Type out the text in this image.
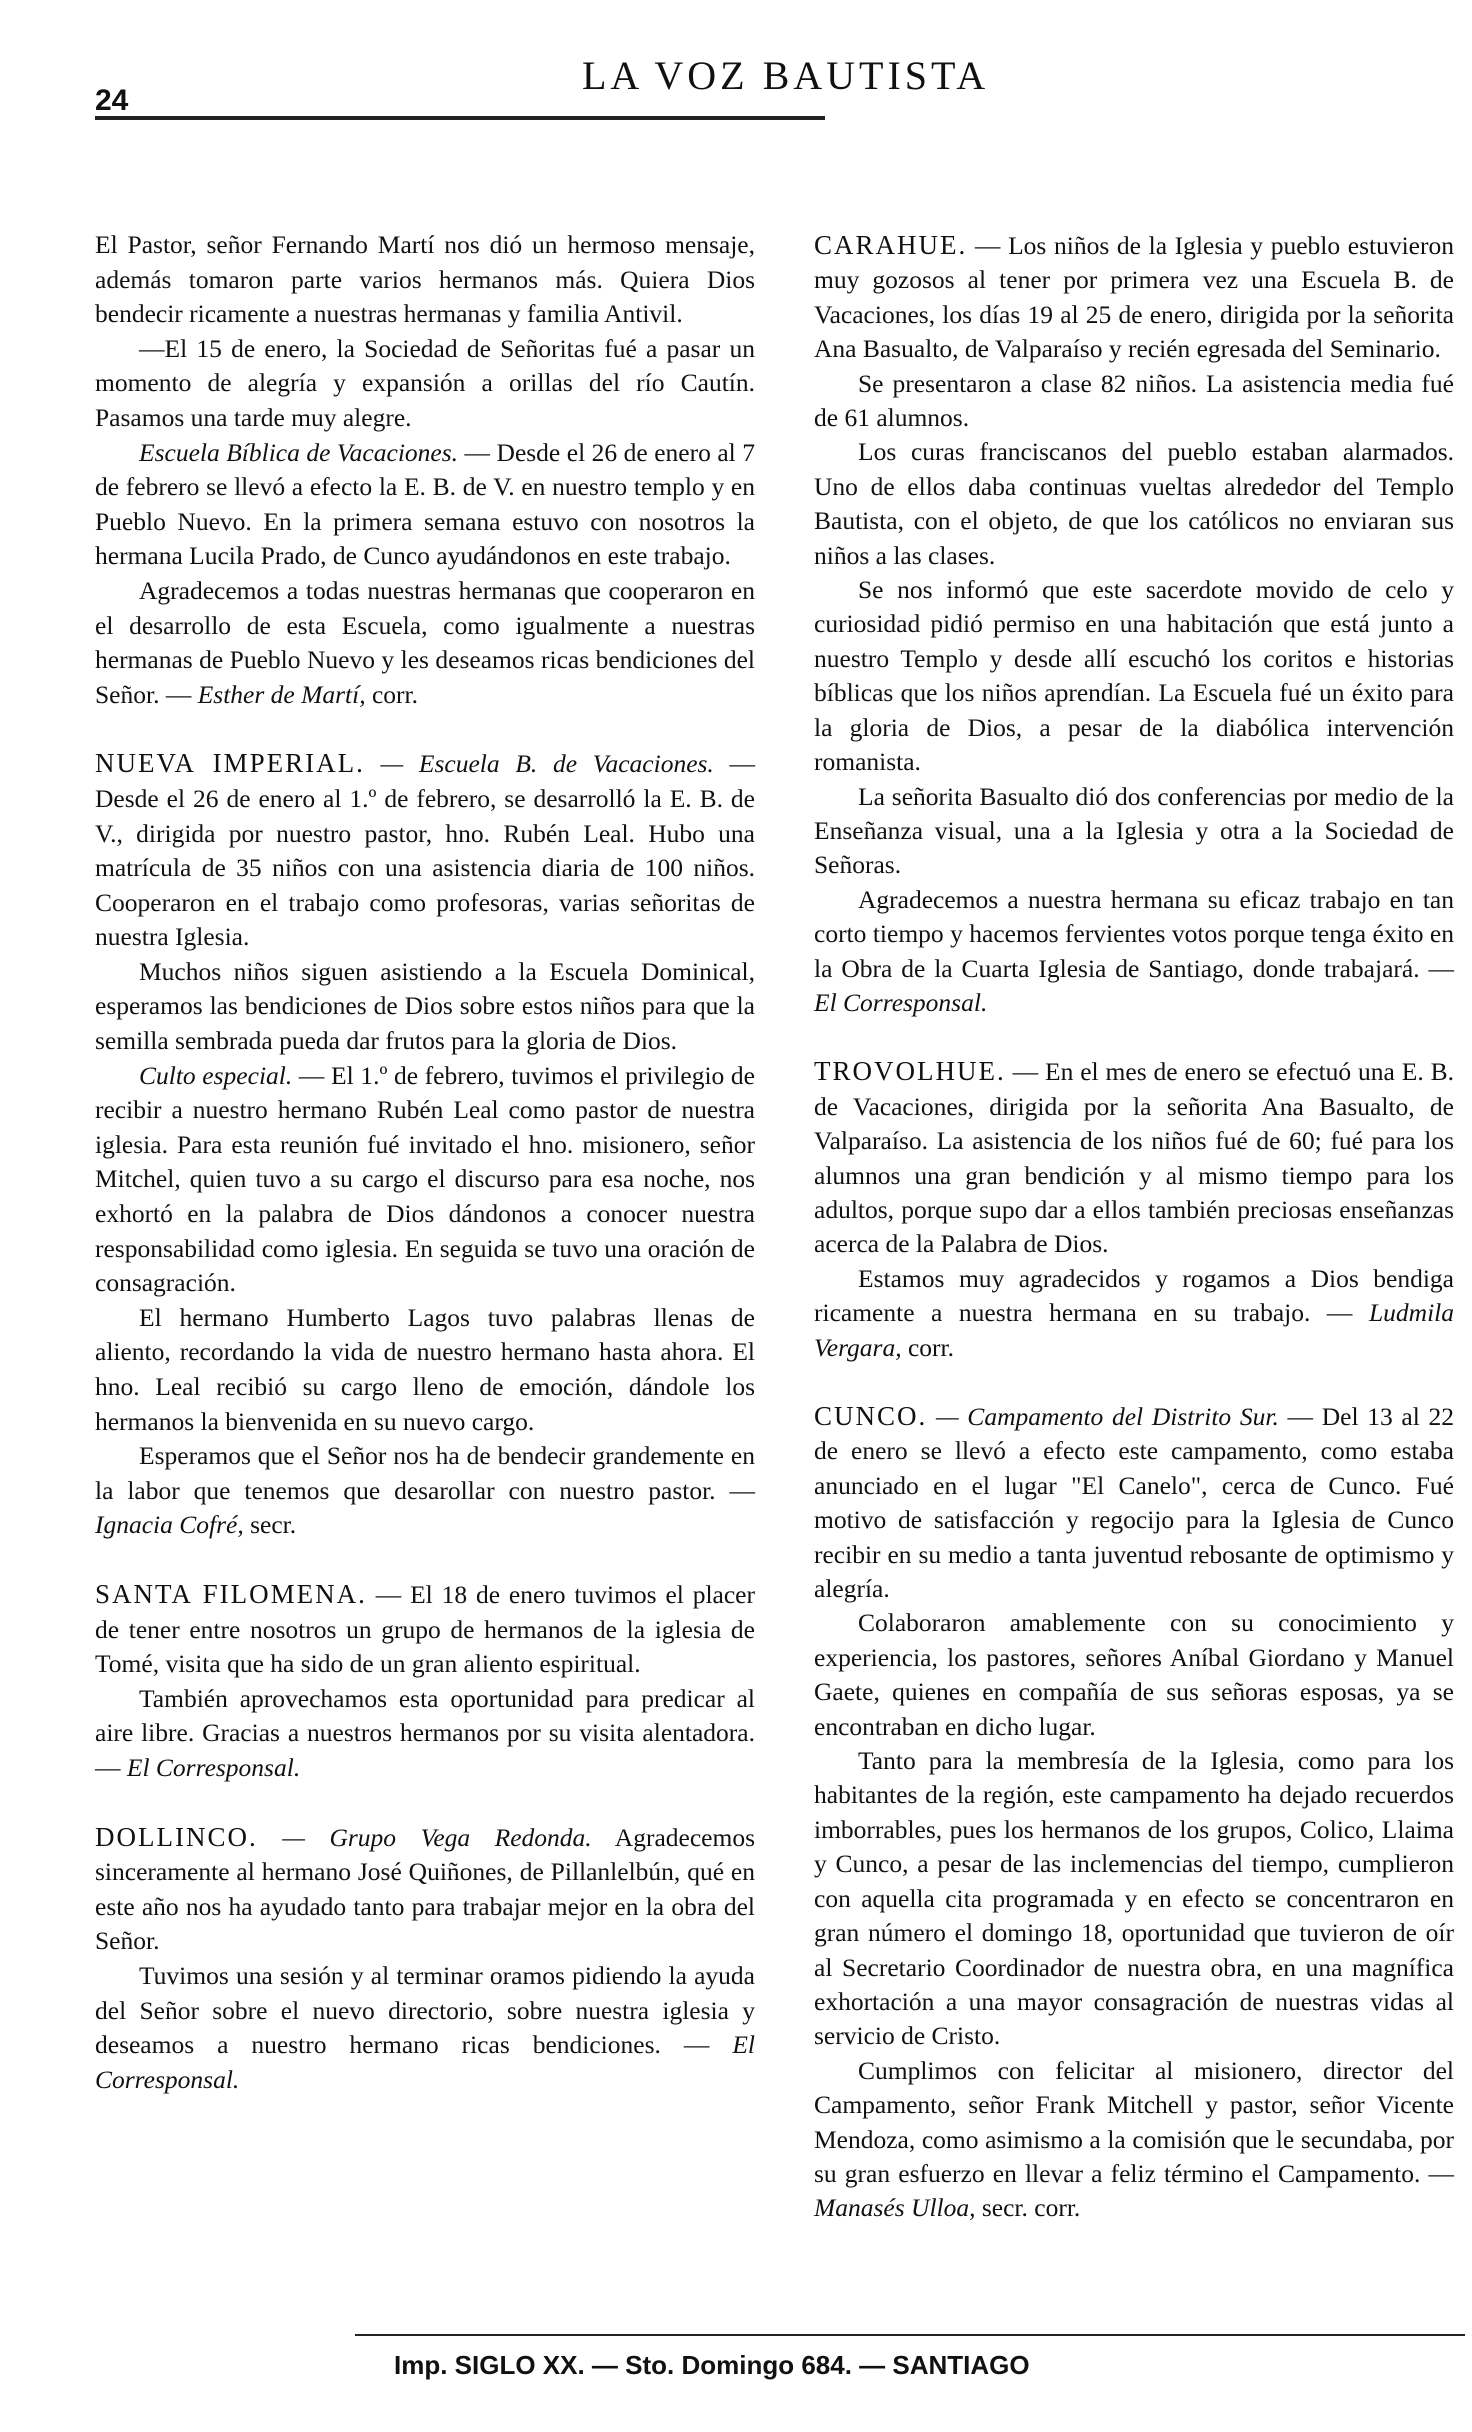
24
LA VOZ BAUTISTA

El Pastor, señor Fernando Martí nos dió un hermoso mensaje, además tomaron parte varios hermanos más. Quiera Dios bendecir ricamente a nuestras hermanas y familia Antivil.

—El 15 de enero, la Sociedad de Señoritas fué a pasar un momento de alegría y expansión a orillas del río Cautín. Pasamos una tarde muy alegre.

Escuela Bíblica de Vacaciones. — Desde el 26 de enero al 7 de febrero se llevó a efecto la E. B. de V. en nuestro templo y en Pueblo Nuevo. En la primera semana estuvo con nosotros la hermana Lucila Prado, de Cunco ayudándonos en este trabajo.

Agradecemos a todas nuestras hermanas que cooperaron en el desarrollo de esta Escuela, como igualmente a nuestras hermanas de Pueblo Nuevo y les deseamos ricas bendiciones del Señor. — Esther de Martí, corr.

NUEVA IMPERIAL. — Escuela B. de Vacaciones. — Desde el 26 de enero al 1.º de febrero, se desarrolló la E. B. de V., dirigida por nuestro pastor, hno. Rubén Leal. Hubo una matrícula de 35 niños con una asistencia diaria de 100 niños. Cooperaron en el trabajo como profesoras, varias señoritas de nuestra Iglesia.

Muchos niños siguen asistiendo a la Escuela Dominical, esperamos las bendiciones de Dios sobre estos niños para que la semilla sembrada pueda dar frutos para la gloria de Dios.

Culto especial. — El 1.º de febrero, tuvimos el privilegio de recibir a nuestro hermano Rubén Leal como pastor de nuestra iglesia. Para esta reunión fué invitado el hno. misionero, señor Mitchel, quien tuvo a su cargo el discurso para esa noche, nos exhortó en la palabra de Dios dándonos a conocer nuestra responsabilidad como iglesia. En seguida se tuvo una oración de consagración.

El hermano Humberto Lagos tuvo palabras llenas de aliento, recordando la vida de nuestro hermano hasta ahora. El hno. Leal recibió su cargo lleno de emoción, dándole los hermanos la bienvenida en su nuevo cargo.

Esperamos que el Señor nos ha de bendecir grandemente en la labor que tenemos que desarollar con nuestro pastor. — Ignacia Cofré, secr.

SANTA FILOMENA. — El 18 de enero tuvimos el placer de tener entre nosotros un grupo de hermanos de la iglesia de Tomé, visita que ha sido de un gran aliento espiritual.

También aprovechamos esta oportunidad para predicar al aire libre. Gracias a nuestros hermanos por su visita alentadora. — El Corresponsal.

DOLLINCO. — Grupo Vega Redonda. Agradecemos sinceramente al hermano José Quiñones, de Pillanlelbún, qué en este año nos ha ayudado tanto para trabajar mejor en la obra del Señor.

Tuvimos una sesión y al terminar oramos pidiendo la ayuda del Señor sobre el nuevo directorio, sobre nuestra iglesia y deseamos a nuestro hermano ricas bendiciones. — El Corresponsal.

CARAHUE. — Los niños de la Iglesia y pueblo estuvieron muy gozosos al tener por primera vez una Escuela B. de Vacaciones, los días 19 al 25 de enero, dirigida por la señorita Ana Basualto, de Valparaíso y recién egresada del Seminario.

Se presentaron a clase 82 niños. La asistencia media fué de 61 alumnos.

Los curas franciscanos del pueblo estaban alarmados. Uno de ellos daba continuas vueltas alrededor del Templo Bautista, con el objeto, de que los católicos no enviaran sus niños a las clases.

Se nos informó que este sacerdote movido de celo y curiosidad pidió permiso en una habitación que está junto a nuestro Templo y desde allí escuchó los coritos e historias bíblicas que los niños aprendían. La Escuela fué un éxito para la gloria de Dios, a pesar de la diabólica intervención romanista.

La señorita Basualto dió dos conferencias por medio de la Enseñanza visual, una a la Iglesia y otra a la Sociedad de Señoras.

Agradecemos a nuestra hermana su eficaz trabajo en tan corto tiempo y hacemos fervientes votos porque tenga éxito en la Obra de la Cuarta Iglesia de Santiago, donde trabajará. — El Corresponsal.

TROVOLHUE. — En el mes de enero se efectuó una E. B. de Vacaciones, dirigida por la señorita Ana Basualto, de Valparaíso. La asistencia de los niños fué de 60; fué para los alumnos una gran bendición y al mismo tiempo para los adultos, porque supo dar a ellos también preciosas enseñanzas acerca de la Palabra de Dios.

Estamos muy agradecidos y rogamos a Dios bendiga ricamente a nuestra hermana en su trabajo. — Ludmila Vergara, corr.

CUNCO. — Campamento del Distrito Sur. — Del 13 al 22 de enero se llevó a efecto este campamento, como estaba anunciado en el lugar "El Canelo", cerca de Cunco. Fué motivo de satisfacción y regocijo para la Iglesia de Cunco recibir en su medio a tanta juventud rebosante de optimismo y alegría.

Colaboraron amablemente con su conocimiento y experiencia, los pastores, señores Aníbal Giordano y Manuel Gaete, quienes en compañía de sus señoras esposas, ya se encontraban en dicho lugar.

Tanto para la membresía de la Iglesia, como para los habitantes de la región, este campamento ha dejado recuerdos imborrables, pues los hermanos de los grupos, Colico, Llaima y Cunco, a pesar de las inclemencias del tiempo, cumplieron con aquella cita programada y en efecto se concentraron en gran número el domingo 18, oportunidad que tuvieron de oír al Secretario Coordinador de nuestra obra, en una magnífica exhortación a una mayor consagración de nuestras vidas al servicio de Cristo.

Cumplimos con felicitar al misionero, director del Campamento, señor Frank Mitchell y pastor, señor Vicente Mendoza, como asimismo a la comisión que le secundaba, por su gran esfuerzo en llevar a feliz término el Campamento. — Manasés Ulloa, secr. corr.

Imp. SIGLO XX. — Sto. Domingo 684. — SANTIAGO
